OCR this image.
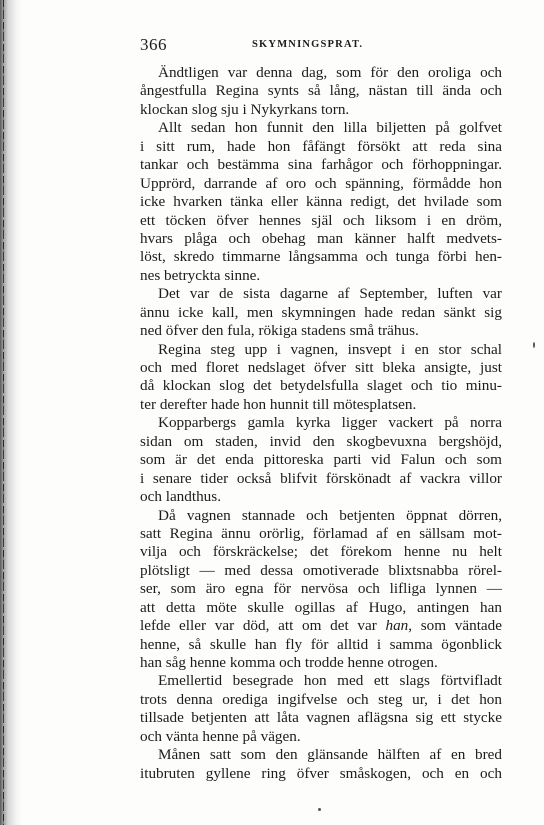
366	SKYMNINGSPRAT.
Ändtligen var denna dag, som för den oroliga och
ångestfulla Regina synts så lång, nästan till ända och
klockan slog sju i Nykyrkans torn.
Allt sedan hon funnit den lilla biljetten på golfvet
i sitt rum, hade hon fåfängt försökt att reda sina
tankar och bestämma sina farhågor och förhoppningar.
Upprörd, darrande af oro och spänning, förmådde hon
icke hvarken tänka eller känna redigt, det hvilade som
ett töcken öfver hennes själ och liksom i en dröm,
hvars plåga och obehag man känner halft medvets-
löst, skredo timmarne långsamma och tunga förbi hen-
nes betryckta sinne.
Det var de sista dagarne af September, luften var
ännu icke kall, men skymningen hade redan sänkt sig
ned öfver den fula, rökiga stadens små trähus.
Regina steg upp i vagnen, insvept i en stor schal
och med floret nedslaget öfver sitt bleka ansigte, just
då klockan slog det betydelsfulla slaget och tio minu-
ter derefter hade hon hunnit till mötesplatsen.
Kopparbergs gamla kyrka ligger vackert på norra
sidan om staden, invid den skogbevuxna bergshöjd,
som är det enda pittoreska parti vid Falun och som
i senare tider också blifvit förskönadt af vackra villor
och landthus.
Då vagnen stannade och betjenten öppnat dörren,
satt Regina ännu orörlig, förlamad af en sällsam mot-
vilja och förskräckelse; det förekom henne nu helt
plötsligt — med dessa omotiverade blixtsnabba rörel-
ser, som äro egna för nervösa och lifliga lynnen —
att detta möte skulle ogillas af Hugo, antingen han
lefde eller var död, att om det var han, som väntade
henne, så skulle han fly för alltid i samma ögonblick
han såg henne komma och trodde henne otrogen.
Emellertid besegrade hon med ett slags förtvifladt
trots denna orediga ingifvelse och steg ur, i det hon
tillsade betjenten att låta vagnen aflägsna sig ett stycke
och vänta henne på vägen.
Månen satt som den glänsande hälften af en bred
itubruten gyllene ring öfver småskogen, och en och
